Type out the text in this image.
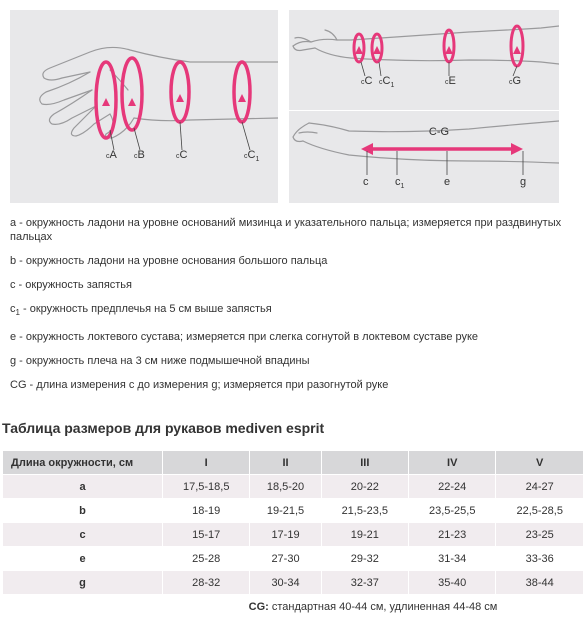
cA cB	cC	$cC_1$
cC $cC_1$	cE	cG
C-G
c $c_1$	e	g
a - окружность ладони на уровне оснований мизинца и указательного пальца; измеряется при раздвинутых пальцах
b - окружность ладони на уровне основания большого пальца
c - окружность запястья
$c_1$ - окружность предплечья на 5 см выше запястья
e - окружность локтевого сустава; измеряется при слегка согнутой в локтевом суставе руке
g - окружность плеча на 3 см ниже подмышечной впадины
CG - длина измерения с до измерения g; измеряется при разогнутой руке
Таблица размеров для рукавов mediven esprit
Длина окружности, см	I	II	III	IV	V
a	17,5-18,5	18,5-20	20-22	22-24	24-27
b	18-19	19-21,5	21,5-23,5	23,5-25,5	22,5-28,5
c	15-17	17-19	19-21	21-23	23-25
e	25-28	27-30	29-32	31-34	33-36
g	28-32	30-34	32-37	35-40	38-44
	CG: стандартная 40-44 см, удлиненная 44-48 см				
